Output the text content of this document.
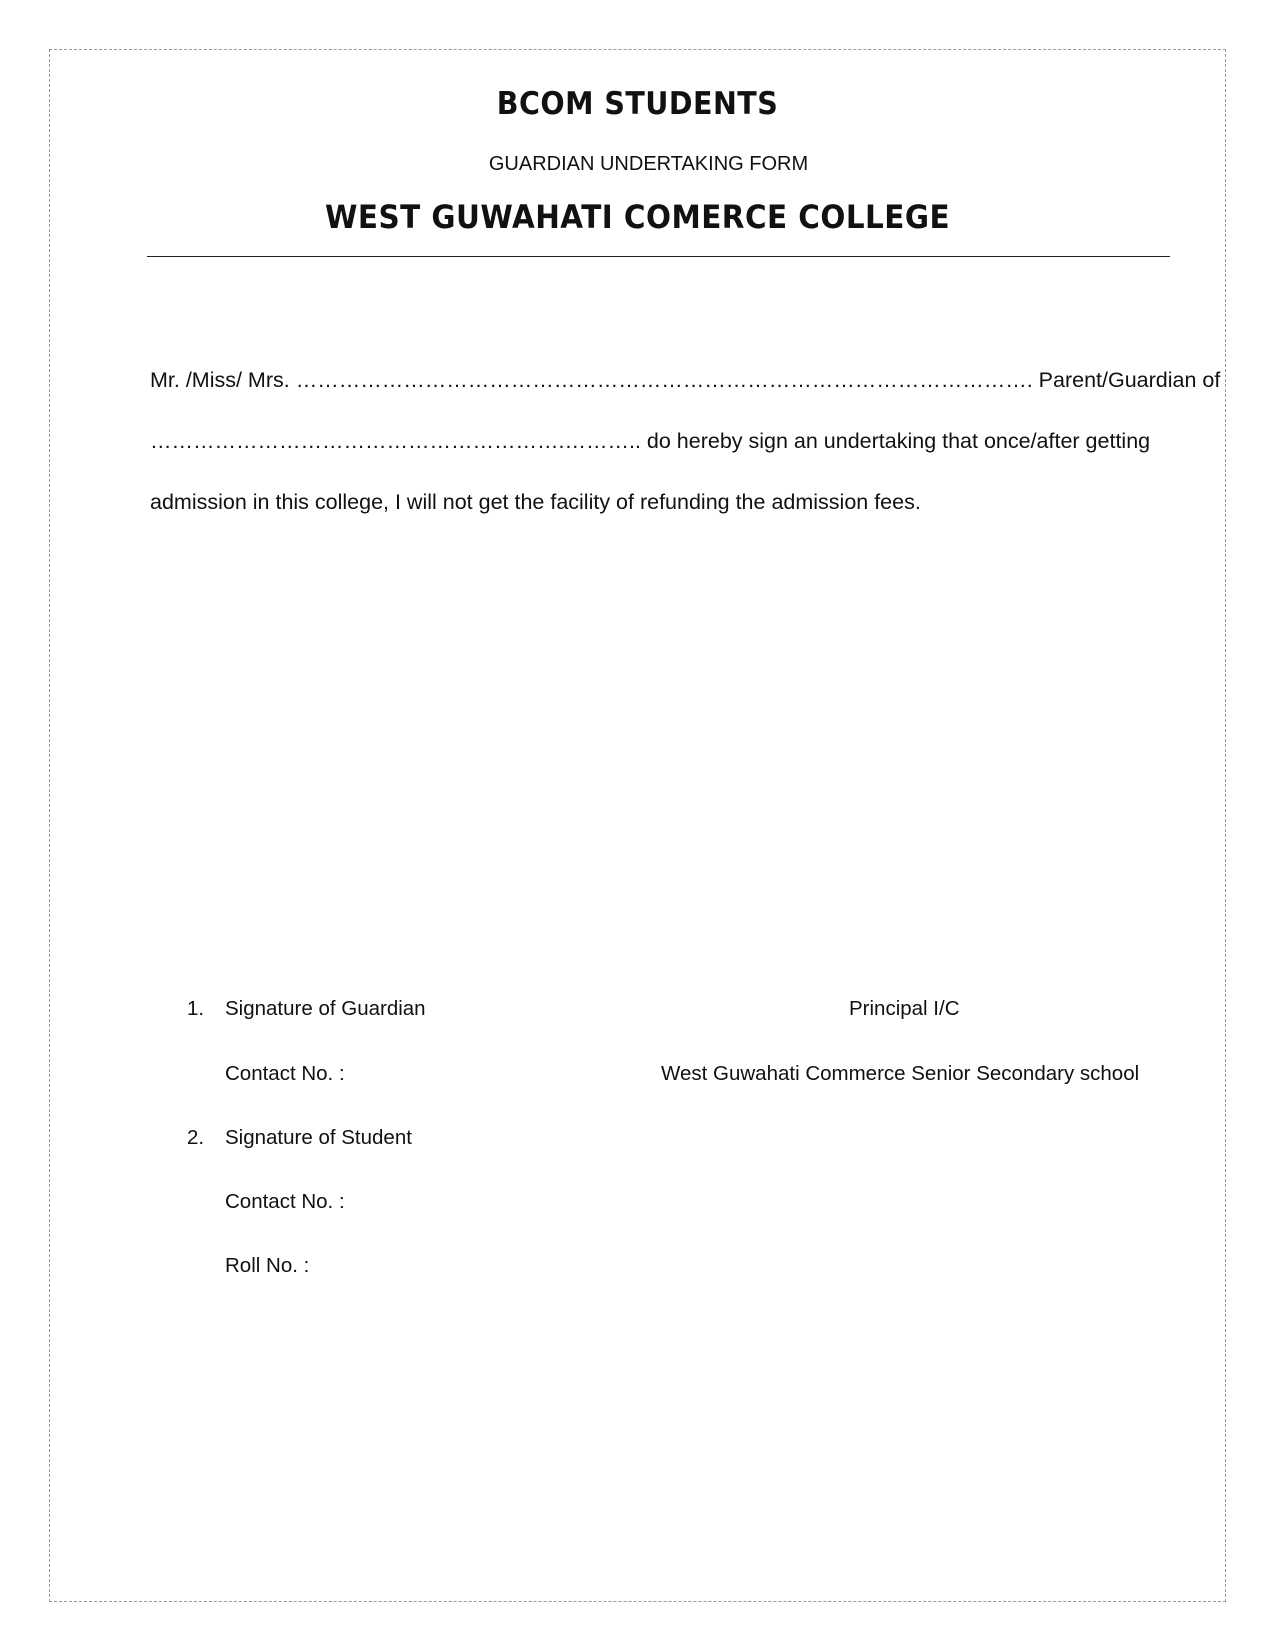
BCOM STUDENTS
GUARDIAN UNDERTAKING FORM
WEST GUWAHATI COMERCE COLLEGE
Mr. /Miss/ Mrs. …………………………………………………………………………………………. Parent/Guardian of
………………………………………………….……….. do hereby sign an undertaking that once/after getting
admission in this college, I will not get the facility of refunding the admission fees.
1. Signature of Guardian
Contact No. :
2. Signature of Student
Contact No. :
Roll No. :
Principal I/C
West Guwahati Commerce Senior Secondary school
